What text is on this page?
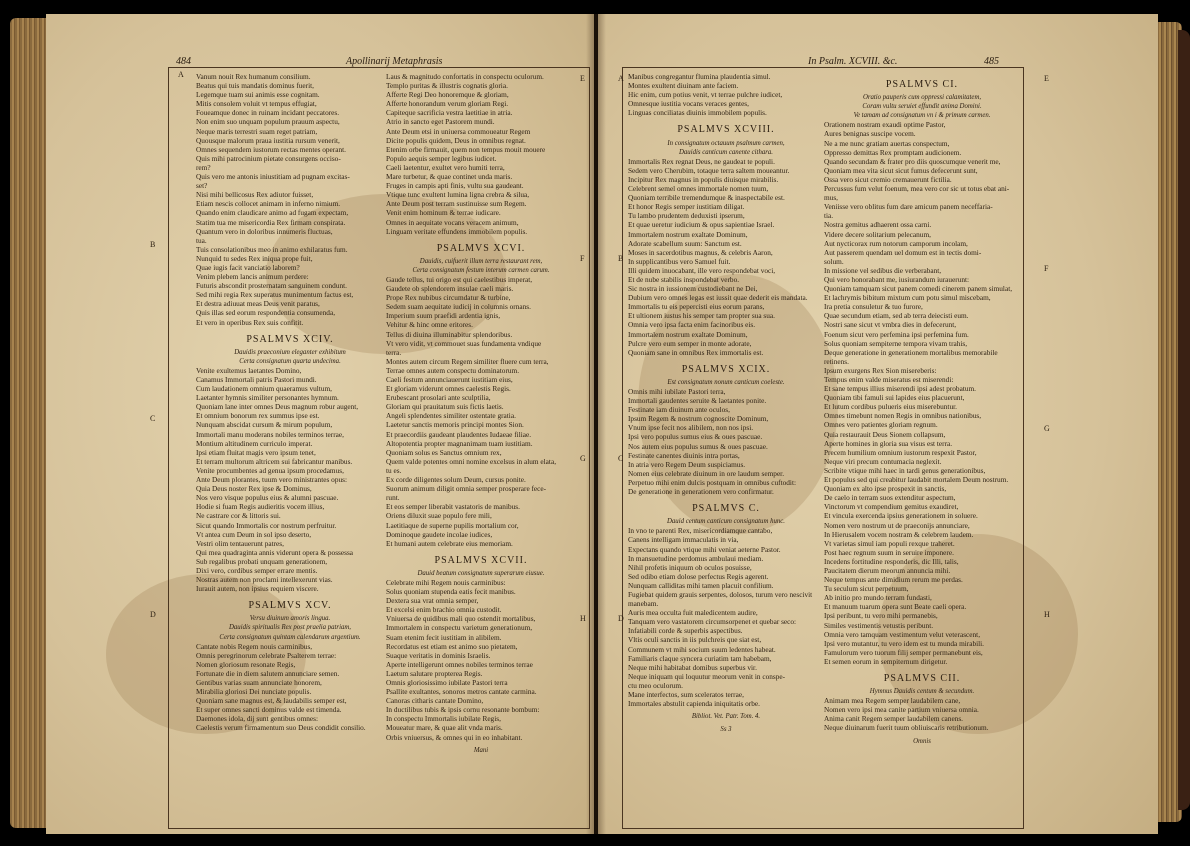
484	Apollinarij Metaphrasis
A
B
C
D
E
F
G
H

Vanum nouit Rex humanum consilium.

Beatus qui tuis mandatis dominus fuerit,

Legemque tuam sui animis esse cognitam.

Mitis consolem voluit vt tempus effugiat,

Foueamque donec in ruinam incidant peccatores.

Non enim suo unquam populum prauum aspectu,

Neque maris terrestri suam reget patriam,

Quousque malorum praua iustitia rursum venerit,

Omnes sequendem iustorum rectas mentes operant.

Quis mihi patrocinium pietate consurgens occiso-

rem?

Quis vero me antonis iniustitiam ad pugnam excitas-

set?

Nisi mihi bellicosus Rex adiutor fuisset,

Etiam nescis collocet animam in inferno nimium.

Quando enim claudicare animo ad fugam expectam,

Statim tua me misericordia Rex firmam conspirata.

Quantum vero in doloribus innumeris fluctuas,

tua.

Tuis consolationibus meo in animo exhilaratus fum.

Nunquid tu sedes Rex iniqua prope fuit,

Quae iugis facit vanciatio laborem?

Venim plebem lancis animum perdere:

Futuris abscondit prosternatam sanguinem condunt.

Sed mihi regia Rex superatus munimentum factus est,

Et destra adiuuat meas Deus venit paratus,

Quis illas sed eorum respondentia consumenda,

Et vero in operibus Rex suis confitit.

PSALMVS XCIV.

Dauidis praeconium eleganter exhibitum

Certa consignatum quarta undecima.

Venite exultemus laetantes Domino,

Canamus Immortali patris Pastori mundi.

Cum laudationem omnium quaeramus vultum,

Laetanter hymnis similiter personantes hymnum.

Quoniam lane inter omnes Deus magnum robur augent,

Et omnium bonorum rex summus ipse est.

Nunquam abscidat cursum & mirum populum,

Immortali manu moderans nobiles terminos terrae,

Montium altitudinem curriculo imperat.

Ipsi etiam fluitat magis vero ipsum tenet,

Et terram multorum altricem sui fabricantur manibus.

Venite procumbentes ad genua ipsum procedamus,

Ante Deum plorantes, tuum vero ministrantes opus:

Quia Deus noster Rex ipse & Dominus,

Nos vero visque populus eius & alumni pascuae.

Hodie si fuam Regis audieritis vocem illius,

Ne castrare cor & littoris sui.

Sicut quando Immortalis cor nostrum perfruitur.

Vt antea cum Deum in sol ipso deserto,

Vestri olim tentauerunt patres,

Qui mea quadraginta annis viderunt opera & possessa

Sub regalibus probati unquam generationem,

Dixi vero, cordibus semper errare mentis.

Nostras autem non proclami intellexerunt vias.

Iurauit autem, non ipsius requiem viscere.

PSALMVS XCV.

Versu diuinum amoris lingua.

Dauidis spiritualis Rex post praelia patriam,

Certa consignatum quintam calendarum argentium.

Cantate nobis Regem nouis carminibus,

Omnis peregrinorum celebrate Psalterem terrae:

Nomen gloriosum resonate Regis,

Fortunate die in diem salutem annunciare semen.

Gentibus varias suam annunciate honorem,

Mirabilia gloriosi Dei nunciate populis.

Quoniam sane magnus est, & laudabilis semper est,

Et super omnes sancti dominus valde est timenda.

Daemones idola, dij sunt gentibus omnes:

Caelestis verum firmamentum suo Deus condidit consilio.

Laus & magnitudo confortatis in conspectu oculorum.

Templo puritas & illustris cognatis gloria.

Afferte Regi Deo honoremque & gloriam,

Afferte honorandum verum gloriam Regi.

Capiteque sacrificia vestra laetitiae in atria.

Atrio in sancto eget Pastorem mundi.

Ante Deum etsi in uniuersa commoueatur Regem

Dicite populis quidem, Deus in omnibus regnat.

Etenim orbe firmauit, quem non tempus mouit mouere

Populo aequis semper legibus iudicet.

Caeli laetentur, exultet vero humiti terra,

Mare turbetur, & quae continet unda maris.

Fruges in campis apti finis, vultu sua gaudeant.

Vtique tunc exultent lumina ligna crebra & silua,

Ante Deum post terram sustinuisse sum Regem.

Venit enim hominum & terrae iudicare.

Omnes in aequitate vocans veracem animum,

Linguam veritate effundens immobilem populis.

PSALMVS XCVI.

Dauidis, cuifuerit illum terra restaurant rem,

Certa consignatum festum interum carmen carum.

Gaude tellus, tui origo est qui caelestibus imperat,

Gaudete ob splendorem insulae caeli maris.

Prope Rex nubibus circumdatur & turbine,

Sedem suam aequitate iudicij in columnis ornans.

Imperium suum praefidi ardentia ignis,

Vehitur & hinc omne eritores.

Tellus di diuina illuminabitur splendoribus.

Vt vero vidit, vt commouet suas fundamenta vndique

terra.

Montes autem circum Regem similiter fluere cum terra,

Terrae omnes autem conspectu dominatorum.

Caeli festum annunciauerunt iustitiam eius,

Et gloriam viderunt omnes caelestis Regis.

Erubescant prosolari ante sculptilia,

Gloriam qui prauitatum suis fictis laetis.

Angeli splendentes similiter ostentate gratia.

Laetetur sanctis memoris principi montes Sion.

Et praecordiis gaudeant plaudentes Iudaeae filiae.

Altopotentia propter magnanimam tuam iustitiam.

Quoniam solus es Sanctus omnium rex,

Quem valde potentes omni nomine excelsus in alum elata,

tu es.

Ex corde diligentes solum Deum, cursus ponite.

Suorum animum diligit omnia semper prosperare fece-

runt.

Et eos semper liberabit vastatoris de manibus.

Oriens diluxit suae populo fere mili,

Laetitiaque de superne pupilis mortalium cor,

Dominoque gaudete incolae iudices,

Et humani autem celebrate eius memoriam.

PSALMVS XCVII.

Dauid beatum consignatum superarum eiusue.

Celebrate mihi Regem nouis carminibus:

Solus quoniam stupenda eatis fecit manibus.

Dextera sua vrat omnia semper,

Et excelsi enim brachio omnia custodit.

Vniuersa de quidibus mali quo ostendit mortalibus,

Immortalem in conspectu varietum generationum,

Suam etenim fecit iustitiam in alibilem.

Recordatus est etiam est animo suo pietatem,

Suaque veritatis in dominis Israelis.

Aperte intelligerunt omnes nobiles terminos terrae

Laetum salutare propterea Regis.

Omnis gloriosissimo iubilate Pastori terra

Psallite exultantes, sonoros metros cantate carmina.

Canoras citharis cantate Domino,

In ductilibus tubis & ipsis cornu resonante bombum:

In conspectu Immortalis iubilate Regis,

Moueatur mare, & quae alit vnda maris.

Orbis vniuersus, & omnes qui in eo inhabitant.

Mani

In Psalm. XCVIII. &c.	485
A
B
C
D
E
F
G
H

Manibus congregantur flumina plaudentia simul.

Montes exultent diuinam ante faciem.

Hic enim, cum potius venit, vt terrae pulchre iudicet,

Omnesque iustitia vocans veraces gentes,

Linguas conciliatas diuinis immobilem populis.

PSALMVS XCVIII.

In consignatum octauum psalmum carmen,

Dauidis canticum canente cithara.

Immortalis Rex regnat Deus, ne gaudeat te populi.

Sedem vero Cherubim, totaque terra saltem moueantur.

Incipitur Rex magnus in populis diuisque mirabilis.

Celebrent semel omnes immortale nomen tuum,

Quoniam terribile tremendumque & inaspectabile est.

Et honor Regis semper iustitiam diligat.

Tu lambo prudentem deduxisti ipserum,

Et quae ueretur iudicium & opus sapientiae Israel.

Immortalem nostrum exaltate Dominum,

Adorate scabellum suum: Sanctum est.

Moses in sacerdotibus magnus, & celebris Aaron,

In supplicantibus vero Samuel fuit.

Illi quidem inuocabant, ille vero respondebat voci,

Et de nube stabilis inspondebat verbo.

Sic nostra in iussionem custodiebant ne Dei,

Dubium vero omnes legas est iussit quae dederit eis mandata.

Immortalis tu eis pepercisti eius eorum parans,

Et ultionem iustus his semper tam propter sua sua.

Omnia vero ipsa facta enim facinoribus eis.

Immortalem nostrum exaltate Dominum,

Pulcre vero eum semper in monte adorate,

Quoniam sane in omnibus Rex immortalis est.

PSALMVS XCIX.

Est consignatum nonum canticum coeleste.

Omnis mihi iubilate Pastori terra,

Immortali gaudentes seruite & laetantes ponite.

Festinate iam diuinum ante oculos,

Ipsum Regem & nostrum cognoscite Dominum,

Vnum ipse fecit nos alibilem, non nos ipsi.

Ipsi vero populus sumus eius & oues pascuae.

Nos autem eius populus sumus & oues pascuae.

Festinate canentes diuinis intra portas,

In atria vero Regem Deum suspiciamus.

Nomen eius celebrate diuinum in ore laudum semper.

Perpetuo mihi enim dulcis postquam in omnibus cuftodit:

De generatione in generationem vero confirmatur.

PSALMVS C.

Dauid centum canticum consignatum hunc.

In vno te parenti Rex, misericordiamque cantabo,

Canens intelligam immaculatis in via,

Expectans quando vtique mihi veniat aeterne Pastor.

In mansuetudine perdomus ambulaui mediam.

Nihil profetis iniquum ob oculos posuisse,

Sed odibo etiam dolose perfectus Regis agerent.

Nunquam calliditas mihi tamen placuit confilium.

Fugiebat quidem grauis serpentes, dolosos, turum vero nescivit

manebam.

Auris mea occulta fuit maledicentem audire,

Tanquam vero vastatorem circumsorpenet et quebar seco:

Infatiabili corde & superbis aspectibus.

Vltis oculi sanctis in iis pulchreis que siat est,

Communem vt mihi socium suum ledentes habeat.

Familiaris claque syncera curiatim tam habebam,

Neque mihi habitabat domibus superbus vir.

Neque iniquam qui loquutur meorum venit in conspe-

ctu meo oculorum.

Mane interfectos, sum sceleratos terrae,

Immortales abstulit capienda iniquitatis orbe.

Bibliot. Vet. Patr. Tom. 4.

Ss 3

PSALMVS CI.

Oratio pauperis cum oppressi calamitatem,

Coram vultu seruiet effundit anima Domini.

Ve tamam ad consignatum vn i & primum carmen.

Orationem nostram exaudi optime Pastor,

Aures benignas suscipe vocem.

Ne a me nunc gratiam auertas conspectum,

Oppresso demittas Rex promptam audicionem.

Quando secundam & frater pro diis quoscumque venerit me,

Quoniam mea vita sicut sicut fumus defecerunt sunt,

Ossa vero sicut cremio cremauerunt fictilia.

Percussus fum velut foenum, mea vero cor sic ut totus ebat ani-

mus,

Veniisse vero oblitus fum dare amicum panem neceffaria-

tia.

Nostra gemitus adhaerent ossa carni.

Videre decere solitarium pelecanum,

Aut nycticorax rum notorum camporum incolam,

Aut passerem quendam uel domum est in tectis domi-

solum.

In missione vel sedibus die verberabant,

Qui vero honorabant me, iusiurandum iurauerunt:

Quoniam tamquam sicut panem comedi cinerem panem simulat,

Et lachrymis bibitum mixtum cum potu simul miscebam,

Ira pretia consuletur & tuo furore,

Quae secundum etiam, sed ab terra deiecisti eum.

Nostri sane sicut vt vmbra dies in defecerunt,

Foenum sicut vero perfemina ipsi perfemina fum.

Solus quoniam sempiterne tempora vivam trahis,

Deque generatione in generationem mortalibus memorabile

retinens.

Ipsum exurgens Rex Sion misereberis:

Tempus enim valde miseratus est miserendi:

Et sane tempus illius miserendi ipsi adest probatum.

Quoniam tibi famuli sui lapides eius placuerunt,

Et lutum cordibus pulueris eius miserebuntur.

Omnes timebunt nomen Regis in omnibus nationibus,

Omnes vero patientes gloriam regnum.

Quia restaurauit Deus Sionem collapsum,

Aperte homines in gloria sua visus est terra.

Precem humilium omnium iustorum respexit Pastor,

Neque viri precum contumacia neglexit.

Scribite vtique mihi haec in tardi genus generationibus,

Et populus sed qui creabitur laudabit mortalem Deum nostrum.

Quoniam ex alto ipse prospexit in sanctis,

De caelo in terram suos extenditur aspectum,

Vinctorum vt compendium gemitus exaudiret,

Et vincula exercenda ipsius generationem in soluere.

Nomen vero nostrum ut de praeconijs annunciare,

In Hierusalem vocem nostram & celebrem laudem.

Vt varietas simul iam populi rexque traheret.

Post haec regnum suum in seruire imponere.

Incedens fortitudine responderis, dic Illi, talis,

Paucitatem dierum meorum annuncia mihi.

Neque tempus ante dimidium rerum me perdas.

Tu seculum sicut perpetuum,

Ab initio pro mundo terram fundasti,

Et manuum tuarum opera sunt Beate caeli opera.

Ipsi peribunt, tu vero mihi permanebis,

Similes vestimentis vetustis peribunt.

Omnia vero tamquam vestimentum velut veterascent,

Ipsi vero mutantur, tu vero idem est tu munda mirabili.

Famulorum vero tuorum filij semper permanebunt eis,

Et semen eorum in sempiternum dirigetur.

PSALMVS CII.

Hymnus Dauidis centum & secundum.

Animam mea Regem semper laudabilem cane,

Nomen vero ipsi mea canite partium vniuersa omnia.

Anima canit Regem semper laudabilem canens.

Neque diuinarum fuerit tuum obliuiscaris retributionum.

Omnis
